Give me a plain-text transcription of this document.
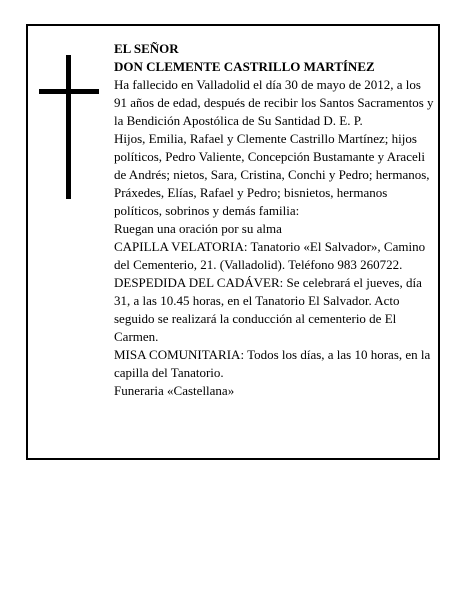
EL SEÑOR

DON CLEMENTE CASTRILLO MARTÍNEZ

Ha fallecido en Valladolid el día 30 de mayo de 2012, a los 91 años de edad, después de recibir los Santos Sacramentos y la Bendición Apostólica de Su Santidad D. E. P.

Hijos, Emilia, Rafael y Clemente Castrillo Martínez; hijos políticos, Pedro Valiente, Concepción Bustamante y Araceli de Andrés; nietos, Sara, Cristina, Conchi y Pedro; hermanos, Práxedes, Elías, Rafael y Pedro; bisnietos, hermanos políticos, sobrinos y demás familia:

Ruegan una oración por su alma

CAPILLA VELATORIA: Tanatorio «El Salvador», Camino del Cementerio, 21. (Valladolid). Teléfono 983 260722.

DESPEDIDA DEL CADÁVER: Se celebrará el jueves, día 31, a las 10.45 horas, en el Tanatorio El Salvador. Acto seguido se realizará la conducción al cementerio de El Carmen.

MISA COMUNITARIA: Todos los días, a las 10 horas, en la capilla del Tanatorio.

Funeraria «Castellana»
